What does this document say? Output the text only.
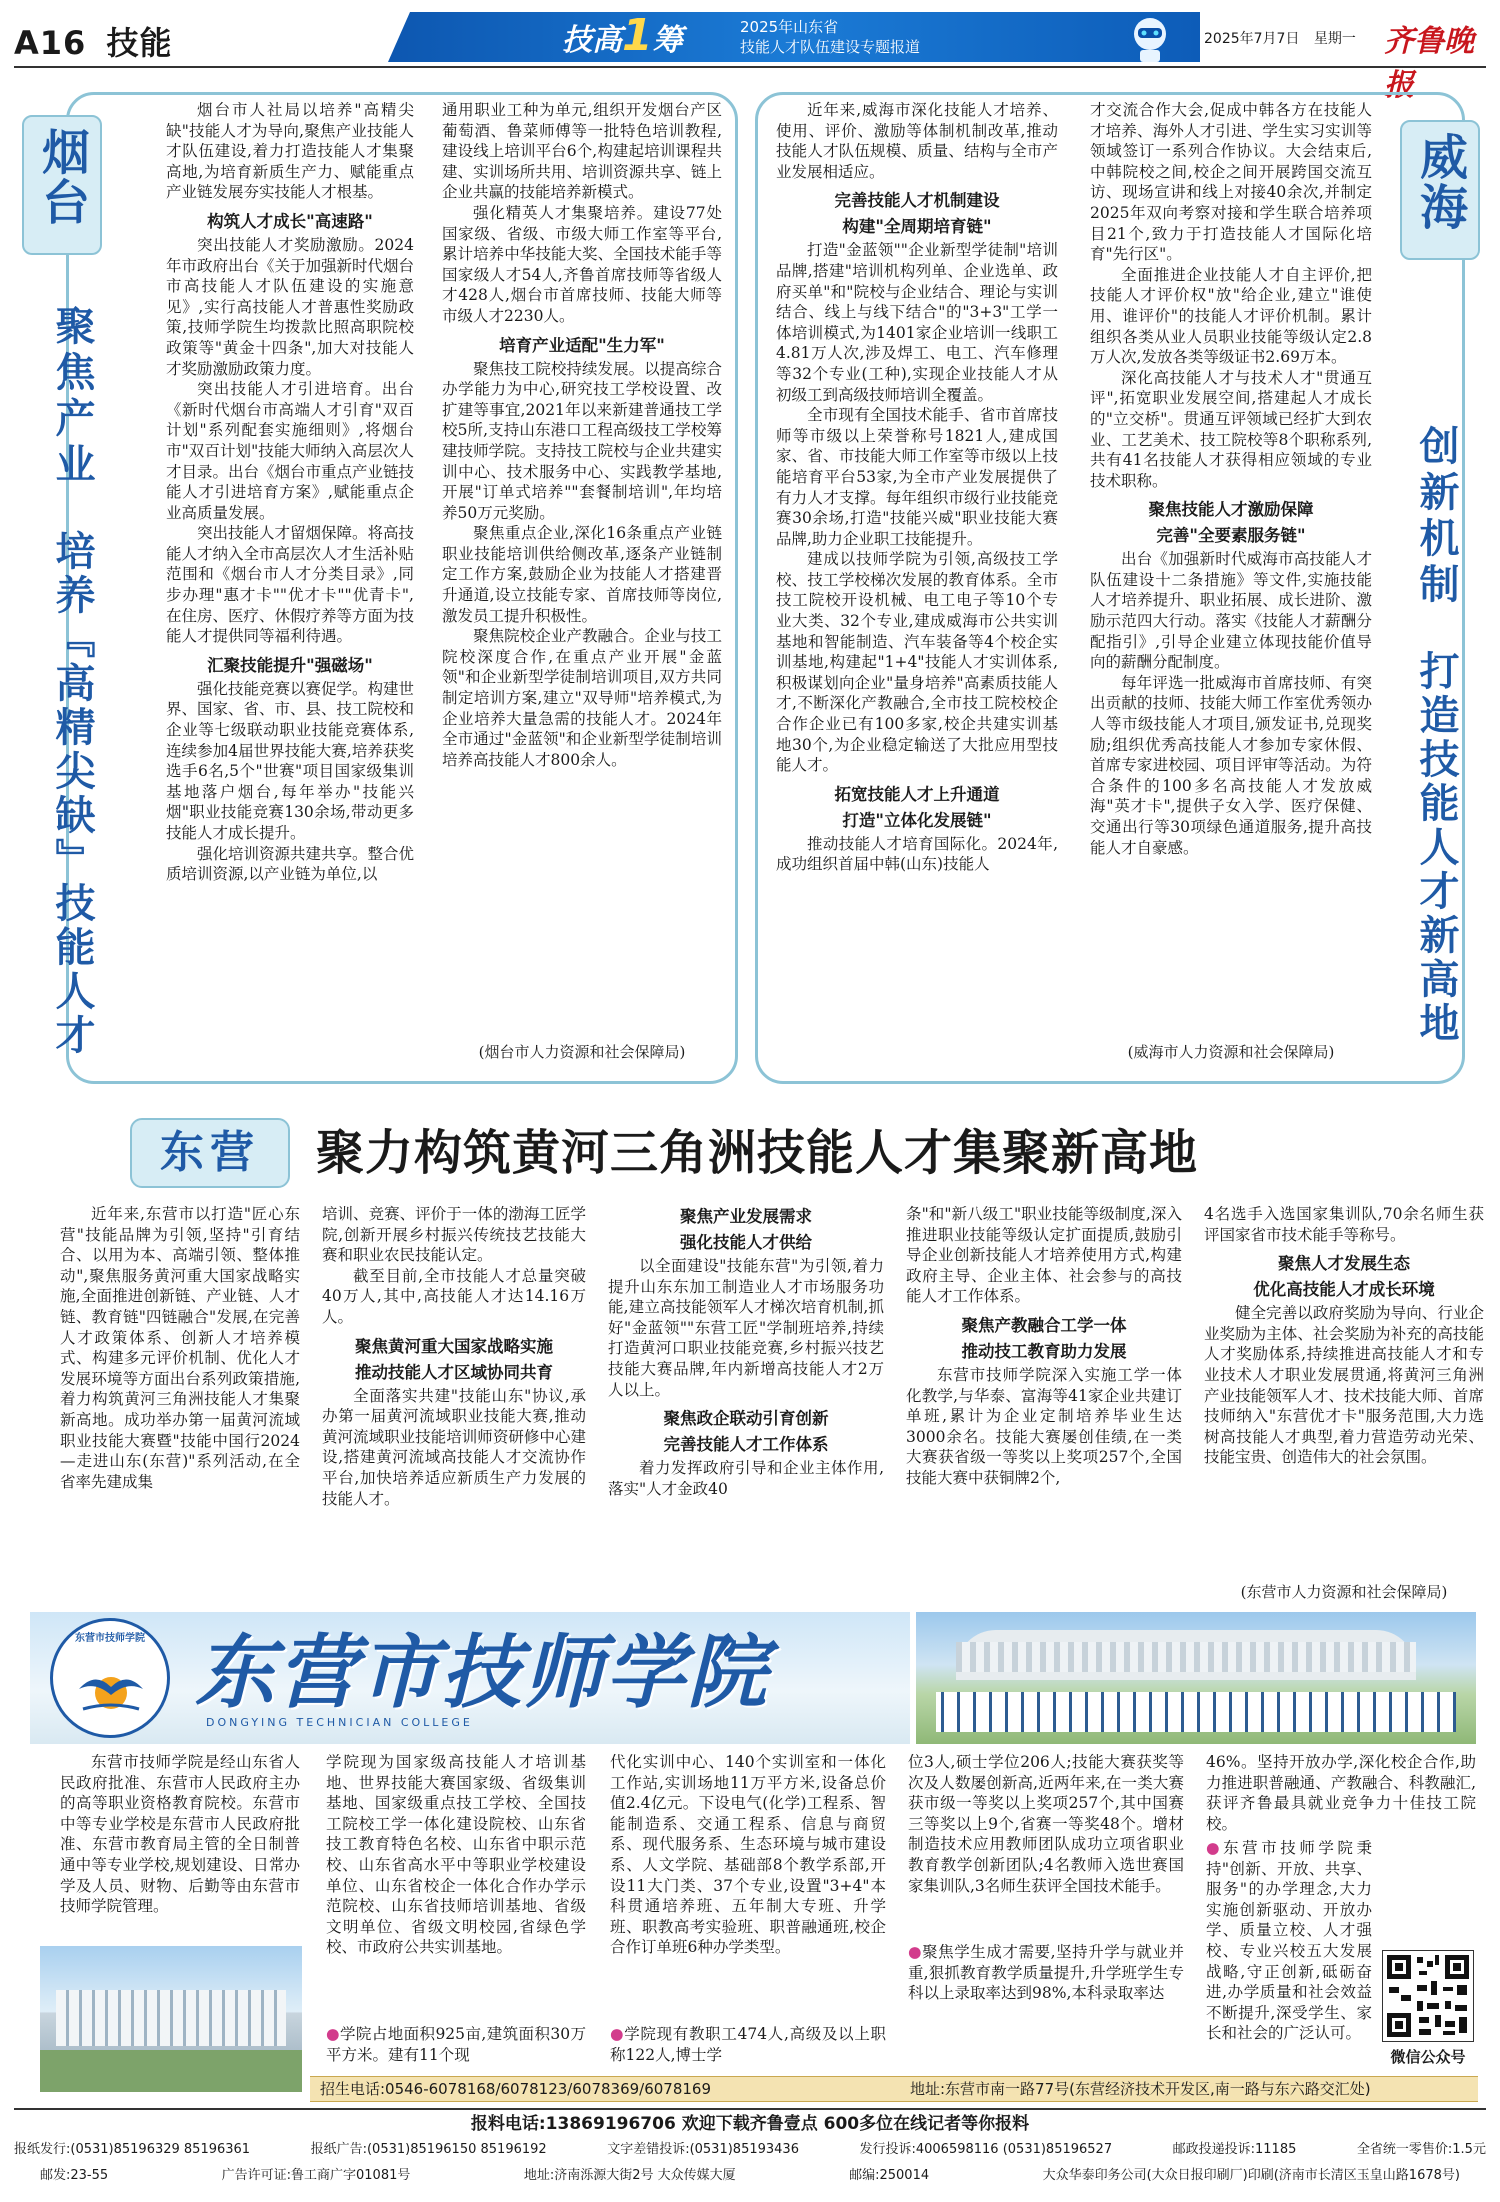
A16 技能	技高1筹	2025年山东省
技能人才队伍建设专题报道	2025年7月7日 星期一 齐鲁晚报
烟台
聚焦产业
培养『高精尖缺』技能人才
烟台市人社局以培养"高精尖缺"技能人才为导向,聚焦产业技能人才队伍建设,着力打造技能人才集聚高地,为培育新质生产力、赋能重点产业链发展夯实技能人才根基。
构筑人才成长"高速路"
突出技能人才奖励激励。2024年市政府出台《关于加强新时代烟台市高技能人才队伍建设的实施意见》,实行高技能人才普惠性奖励政策,技师学院生均拨款比照高职院校政策等"黄金十四条",加大对技能人才奖励激励政策力度。
突出技能人才引进培育。出台《新时代烟台市高端人才引育"双百计划"系列配套实施细则》,将烟台市"双百计划"技能大师纳入高层次人才目录。出台《烟台市重点产业链技能人才引进培育方案》,赋能重点企业高质量发展。
突出技能人才留烟保障。将高技能人才纳入全市高层次人才生活补贴范围和《烟台市人才分类目录》,同步办理"惠才卡""优才卡""优青卡",在住房、医疗、休假疗养等方面为技能人才提供同等福利待遇。
汇聚技能提升"强磁场"
强化技能竞赛以赛促学。构建世界、国家、省、市、县、技工院校和企业等七级联动职业技能竞赛体系,连续参加4届世界技能大赛,培养获奖选手6名,5个"世赛"项目国家级集训基地落户烟台,每年举办"技能兴烟"职业技能竞赛130余场,带动更多技能人才成长提升。
强化培训资源共建共享。整合优质培训资源,以产业链为单位,以
通用职业工种为单元,组织开发烟台产区葡萄酒、鲁菜师傅等一批特色培训教程,建设线上培训平台6个,构建起培训课程共建、实训场所共用、培训资源共享、链上企业共赢的技能培养新模式。
强化精英人才集聚培养。建设77处国家级、省级、市级大师工作室等平台,累计培养中华技能大奖、全国技术能手等国家级人才54人,齐鲁首席技师等省级人才428人,烟台市首席技师、技能大师等市级人才2230人。
培育产业适配"生力军"
聚焦技工院校持续发展。以提高综合办学能力为中心,研究技工学校设置、改扩建等事宜,2021年以来新建普通技工学校5所,支持山东港口工程高级技工学校筹建技师学院。支持技工院校与企业共建实训中心、技术服务中心、实践教学基地,开展"订单式培养""套餐制培训",年均培养50万元奖励。
聚焦重点企业,深化16条重点产业链职业技能培训供给侧改革,逐条产业链制定工作方案,鼓励企业为技能人才搭建晋升通道,设立技能专家、首席技师等岗位,激发员工提升积极性。
聚焦院校企业产教融合。企业与技工院校深度合作,在重点产业开展"金蓝领"和企业新型学徒制培训项目,双方共同制定培训方案,建立"双导师"培养模式,为企业培养大量急需的技能人才。2024年全市通过"金蓝领"和企业新型学徒制培训培养高技能人才800余人。
(烟台市人力资源和社会保障局)
近年来,威海市深化技能人才培养、使用、评价、激励等体制机制改革,推动技能人才队伍规模、质量、结构与全市产业发展相适应。
完善技能人才机制建设
构建"全周期培育链"
打造"金蓝领""企业新型学徒制"培训品牌,搭建"培训机构列单、企业选单、政府买单"和"院校与企业结合、理论与实训结合、线上与线下结合"的"3+3"工学一体培训模式,为1401家企业培训一线职工4.81万人次,涉及焊工、电工、汽车修理等32个专业(工种),实现企业技能人才从初级工到高级技师培训全覆盖。
全市现有全国技术能手、省市首席技师等市级以上荣誉称号1821人,建成国家、省、市技能大师工作室等市级以上技能培育平台53家,为全市产业发展提供了有力人才支撑。每年组织市级行业技能竞赛30余场,打造"技能兴威"职业技能大赛品牌,助力企业职工技能提升。
建成以技师学院为引领,高级技工学校、技工学校梯次发展的教育体系。全市技工院校开设机械、电工电子等10个专业大类、32个专业,建成威海市公共实训基地和智能制造、汽车装备等4个校企实训基地,构建起"1+4"技能人才实训体系,积极谋划向企业"量身培养"高素质技能人才,不断深化产教融合,全市技工院校校企合作企业已有100多家,校企共建实训基地30个,为企业稳定输送了大批应用型技能人才。
拓宽技能人才上升通道
打造"立体化发展链"
推动技能人才培育国际化。2024年,成功组织首届中韩(山东)技能人
才交流合作大会,促成中韩各方在技能人才培养、海外人才引进、学生实习实训等领域签订一系列合作协议。大会结束后,中韩院校之间,校企之间开展跨国交流互访、现场宣讲和线上对接40余次,并制定2025年双向考察对接和学生联合培养项目21个,致力于打造技能人才国际化培育"先行区"。
全面推进企业技能人才自主评价,把技能人才评价权"放"给企业,建立"谁使用、谁评价"的技能人才评价机制。累计组织各类从业人员职业技能等级认定2.8万人次,发放各类等级证书2.69万本。
深化高技能人才与技术人才"贯通互评",拓宽职业发展空间,搭建起人才成长的"立交桥"。贯通互评领域已经扩大到农业、工艺美术、技工院校等8个职称系列,共有41名技能人才获得相应领域的专业技术职称。
聚焦技能人才激励保障
完善"全要素服务链"
出台《加强新时代威海市高技能人才队伍建设十二条措施》等文件,实施技能人才培养提升、职业拓展、成长进阶、激励示范四大行动。落实《技能人才薪酬分配指引》,引导企业建立体现技能价值导向的薪酬分配制度。
每年评选一批威海市首席技师、有突出贡献的技师、技能大师工作室优秀领办人等市级技能人才项目,颁发证书,兑现奖励;组织优秀高技能人才参加专家休假、首席专家进校园、项目评审等活动。为符合条件的100多名高技能人才发放威海"英才卡",提供子女入学、医疗保健、交通出行等30项绿色通道服务,提升高技能人才自豪感。
(威海市人力资源和社会保障局)
威海
创新机制
打造技能人才新高地
东营	聚力构筑黄河三角洲技能人才集聚新高地
近年来,东营市以打造"匠心东营"技能品牌为引领,坚持"引育结合、以用为本、高端引领、整体推动",聚焦服务黄河重大国家战略实施,全面推进创新链、产业链、人才链、教育链"四链融合"发展,在完善人才政策体系、创新人才培养模式、构建多元评价机制、优化人才发展环境等方面出台系列政策措施,着力构筑黄河三角洲技能人才集聚新高地。成功举办第一届黄河流域职业技能大赛暨"技能中国行2024—走进山东(东营)"系列活动,在全省率先建成集
培训、竞赛、评价于一体的渤海工匠学院,创新开展乡村振兴传统技艺技能大赛和职业农民技能认定。
截至目前,全市技能人才总量突破40万人,其中,高技能人才达14.16万人。
聚焦黄河重大国家战略实施
推动技能人才区域协同共育
全面落实共建"技能山东"协议,承办第一届黄河流域职业技能大赛,推动黄河流域职业技能培训师资研修中心建设,搭建黄河流域高技能人才交流协作平台,加快培养适应新质生产力发展的技能人才。
聚焦产业发展需求
强化技能人才供给
以全面建设"技能东营"为引领,着力提升山东东加工制造业人才市场服务功能,建立高技能领军人才梯次培育机制,抓好"金蓝领""东营工匠"学制班培养,持续打造黄河口职业技能竞赛,乡村振兴技艺技能大赛品牌,年内新增高技能人才2万人以上。
聚焦政企联动引育创新
完善技能人才工作体系
着力发挥政府引导和企业主体作用,落实"人才金政40
条"和"新八级工"职业技能等级制度,深入推进职业技能等级认定扩面提质,鼓励引导企业创新技能人才培养使用方式,构建政府主导、企业主体、社会参与的高技能人才工作体系。
聚焦产教融合工学一体
推动技工教育助力发展
东营市技师学院深入实施工学一体化教学,与华泰、富海等41家企业共建订单班,累计为企业定制培养毕业生达3000余名。技能大赛屡创佳绩,在一类大赛获省级一等奖以上奖项257个,全国技能大赛中获铜牌2个,
4名选手入选国家集训队,70余名师生获评国家省市技术能手等称号。
聚焦人才发展生态
优化高技能人才成长环境
健全完善以政府奖励为导向、行业企业奖励为主体、社会奖励为补充的高技能人才奖励体系,持续推进高技能人才和专业技术人才职业发展贯通,将黄河三角洲产业技能领军人才、技术技能大师、首席技师纳入"东营优才卡"服务范围,大力选树高技能人才典型,着力营造劳动光荣、技能宝贵、创造伟大的社会氛围。
(东营市人力资源和社会保障局)
东营市技师学院 东营市技师学院
DONGYING TECHNICIAN COLLEGE
东营市技师学院是经山东省人民政府批准、东营市人民政府主办的高等职业资格教育院校。东营市中等专业学校是东营市人民政府批准、东营市教育局主管的全日制普通中等专业学校,规划建设、日常办学及人员、财物、后勤等由东营市技师学院管理。
学院现为国家级高技能人才培训基地、世界技能大赛国家级、省级集训基地、国家级重点技工学校、全国技工院校工学一体化建设院校、山东省技工教育特色名校、山东省中职示范校、山东省高水平中等职业学校建设单位、山东省校企一体化合作办学示范院校、山东省技师培训基地、省级文明单位、省级文明校园,省绿色学校、市政府公共实训基地。
●学院占地面积925亩,建筑面积30万平方米。建有11个现
代化实训中心、140个实训室和一体化工作站,实训场地11万平方米,设备总价值2.4亿元。下设电气(化学)工程系、智能制造系、交通工程系、信息与商贸系、现代服务系、生态环境与城市建设系、人文学院、基础部8个教学系部,开设11大门类、37个专业,设置"3+4"本科贯通培养班、五年制大专班、升学班、职教高考实验班、职普融通班,校企合作订单班6种办学类型。
●学院现有教职工474人,高级及以上职称122人,博士学
位3人,硕士学位206人;技能大赛获奖等次及人数屡创新高,近两年来,在一类大赛获市级一等奖以上奖项257个,其中国赛三等奖以上9个,省赛一等奖48个。增材制造技术应用教师团队成功立项省职业教育教学创新团队;4名教师入选世赛国家集训队,3名师生获评全国技术能手。
●聚焦学生成才需要,坚持升学与就业并重,狠抓教育教学质量提升,升学班学生专科以上录取率达到98%,本科录取率达
46%。坚持开放办学,深化校企合作,助力推进职普融通、产教融合、科教融汇,获评齐鲁最具就业竞争力十佳技工院校。
●东营市技师学院秉持"创新、开放、共享、服务"的办学理念,大力实施创新驱动、开放办学、质量立校、人才强校、专业兴校五大发展战略,守正创新,砥砺奋进,办学质量和社会效益不断提升,深受学生、家长和社会的广泛认可。
微信公众号
招生电话:0546-6078168/6078123/6078369/6078169	地址:东营市南一路77号(东营经济技术开发区,南一路与东六路交汇处)
报料电话:13869196706 欢迎下载齐鲁壹点 600多位在线记者等你报料
报纸发行:(0531)85196329 85196361	报纸广告:(0531)85196150 85196192	文字差错投诉:(0531)85193436	发行投诉:4006598116 (0531)85196527	邮政投递投诉:11185	全省统一零售价:1.5元
邮发:23-55	广告许可证:鲁工商广字01081号	地址:济南泺源大街2号 大众传媒大厦	邮编:250014	大众华泰印务公司(大众日报印刷厂)印刷(济南市长清区玉皇山路1678号)
